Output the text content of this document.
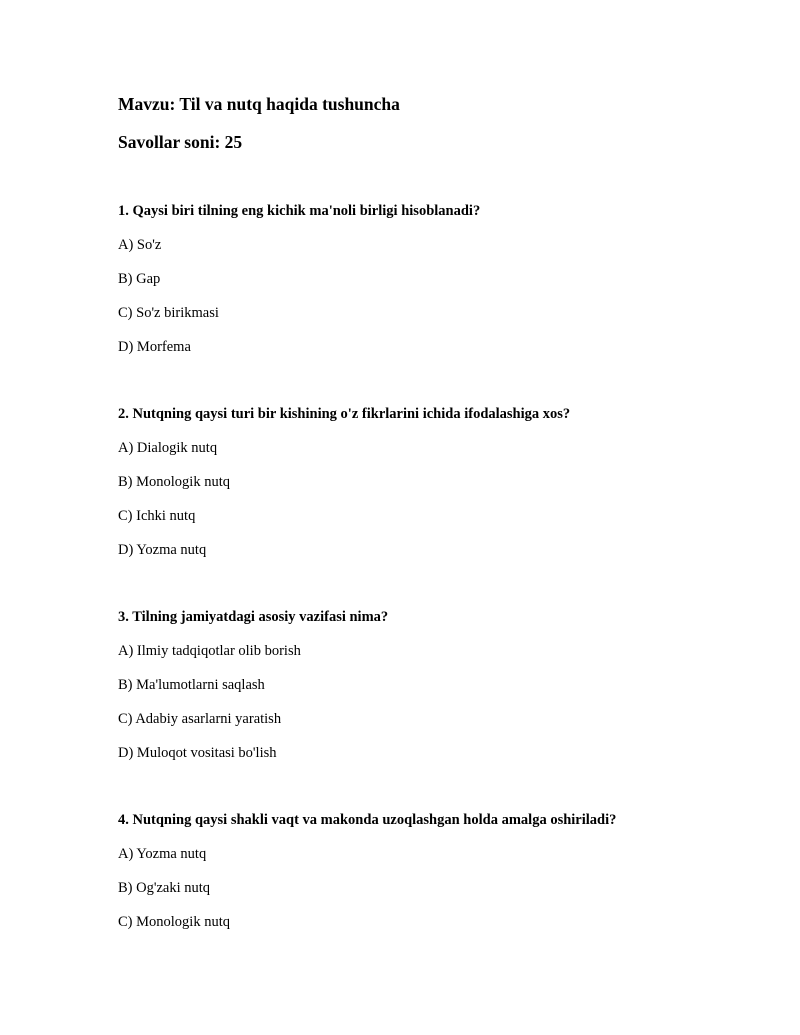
Mavzu: Til va nutq haqida tushuncha
Savollar soni: 25
1. Qaysi biri tilning eng kichik ma'noli birligi hisoblanadi?
A) So'z
B) Gap
C) So'z birikmasi
D) Morfema
2. Nutqning qaysi turi bir kishining o'z fikrlarini ichida ifodalashiga xos?
A) Dialogik nutq
B) Monologik nutq
C) Ichki nutq
D) Yozma nutq
3. Tilning jamiyatdagi asosiy vazifasi nima?
A) Ilmiy tadqiqotlar olib borish
B) Ma'lumotlarni saqlash
C) Adabiy asarlarni yaratish
D) Muloqot vositasi bo'lish
4. Nutqning qaysi shakli vaqt va makonda uzoqlashgan holda amalga oshiriladi?
A) Yozma nutq
B) Og'zaki nutq
C) Monologik nutq
